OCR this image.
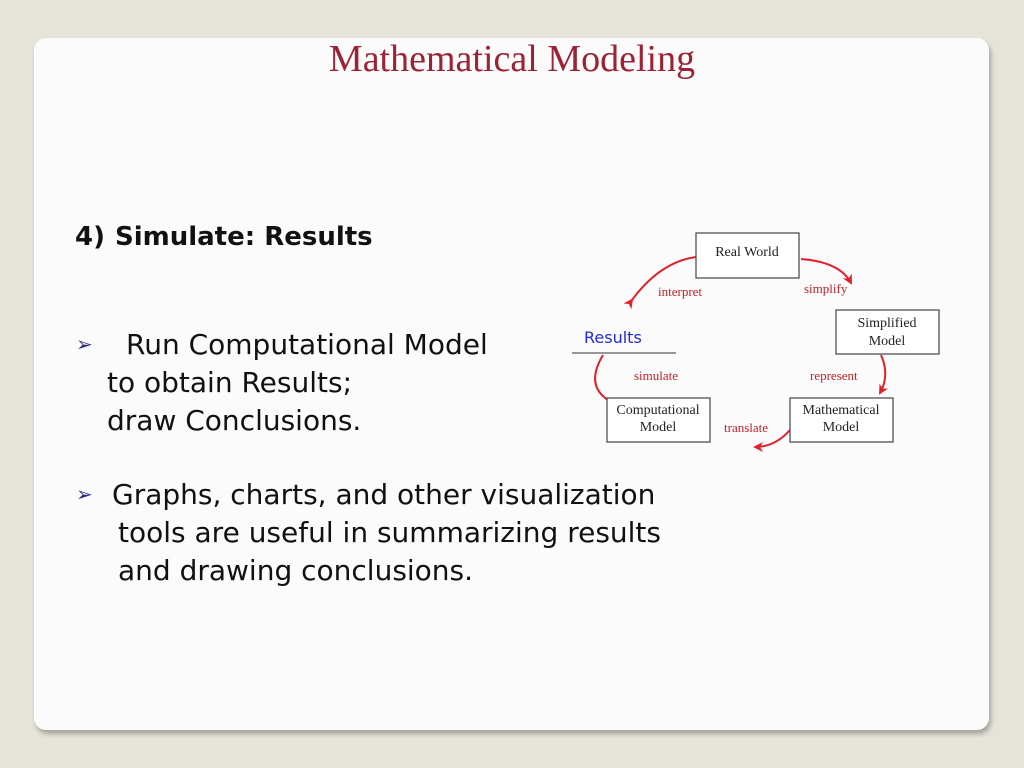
Mathematical Modeling
4) Simulate: Results
➢ Run Computational Model
to obtain Results;
draw Conclusions.
➢ Graphs, charts, and other visualization
tools are useful in summarizing results
and drawing conclusions.
Results
Real World
Simplified
Model
Mathematical
Model
Computational
Model
simplify
represent
translate
simulate
interpret
